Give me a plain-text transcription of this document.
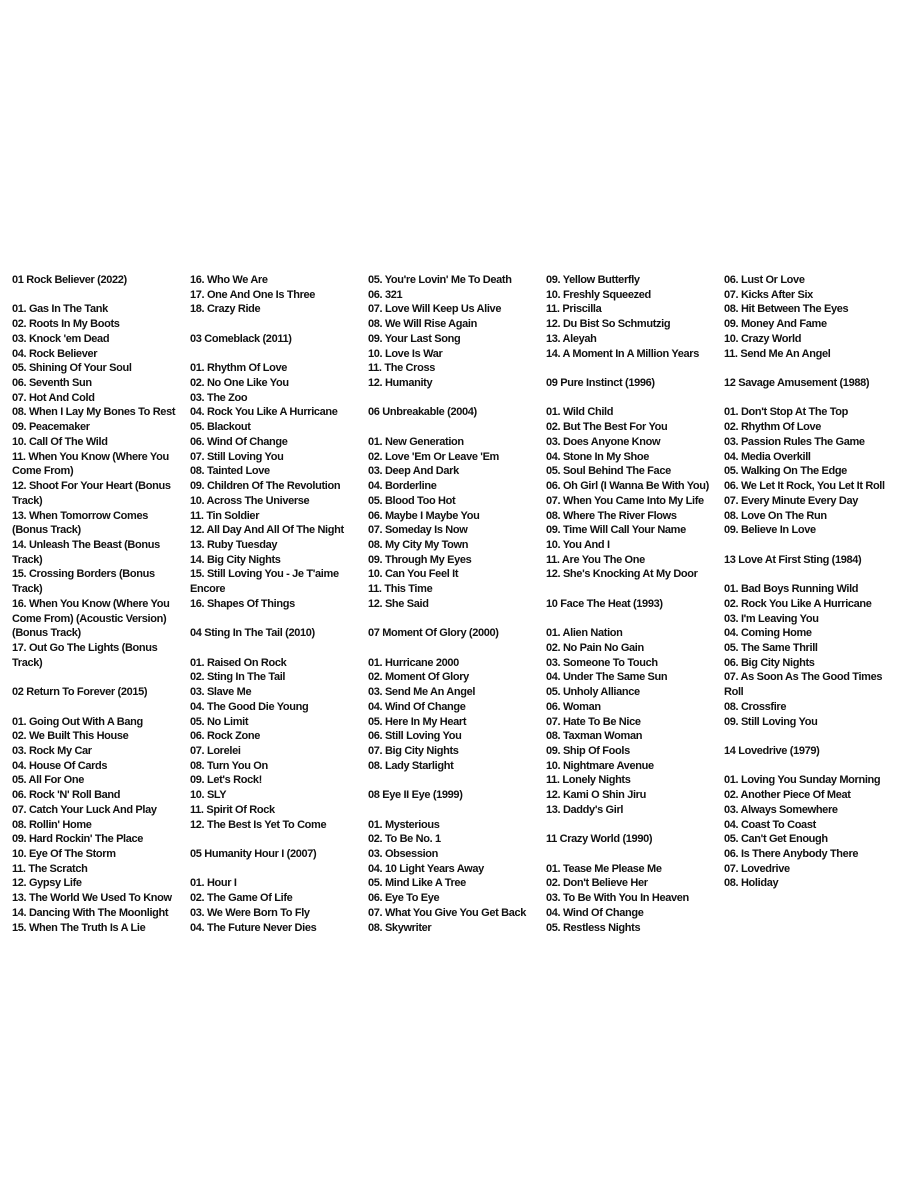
01 Rock Believer (2022)
01. Gas In The Tank
02. Roots In My Boots
03. Knock 'em Dead
04. Rock Believer
05. Shining Of Your Soul
06. Seventh Sun
07. Hot And Cold
08. When I Lay My Bones To Rest
09. Peacemaker
10. Call Of The Wild
11. When You Know (Where You
Come From)
12. Shoot For Your Heart (Bonus
Track)
13. When Tomorrow Comes
(Bonus Track)
14. Unleash The Beast (Bonus
Track)
15. Crossing Borders (Bonus
Track)
16. When You Know (Where You
Come From) (Acoustic Version)
(Bonus Track)
17. Out Go The Lights (Bonus
Track)
02 Return To Forever (2015)
01. Going Out With A Bang
02. We Built This House
03. Rock My Car
04. House Of Cards
05. All For One
06. Rock 'N' Roll Band
07. Catch Your Luck And Play
08. Rollin' Home
09. Hard Rockin' The Place
10. Eye Of The Storm
11. The Scratch
12. Gypsy Life
13. The World We Used To Know
14. Dancing With The Moonlight
15. When The Truth Is A Lie
16. Who We Are
17. One And One Is Three
18. Crazy Ride
03 Comeblack (2011)
01. Rhythm Of Love
02. No One Like You
03. The Zoo
04. Rock You Like A Hurricane
05. Blackout
06. Wind Of Change
07. Still Loving You
08. Tainted Love
09. Children Of The Revolution
10. Across The Universe
11. Tin Soldier
12. All Day And All Of The Night
13. Ruby Tuesday
14. Big City Nights
15. Still Loving You - Je T'aime
Encore
16. Shapes Of Things
04 Sting In The Tail (2010)
01. Raised On Rock
02. Sting In The Tail
03. Slave Me
04. The Good Die Young
05. No Limit
06. Rock Zone
07. Lorelei
08. Turn You On
09. Let's Rock!
10. SLY
11. Spirit Of Rock
12. The Best Is Yet To Come
05 Humanity Hour I (2007)
01. Hour I
02. The Game Of Life
03. We Were Born To Fly
04. The Future Never Dies
05. You're Lovin' Me To Death
06. 321
07. Love Will Keep Us Alive
08. We Will Rise Again
09. Your Last Song
10. Love Is War
11. The Cross
12. Humanity
06 Unbreakable (2004)
01. New Generation
02. Love 'Em Or Leave 'Em
03. Deep And Dark
04. Borderline
05. Blood Too Hot
06. Maybe I Maybe You
07. Someday Is Now
08. My City My Town
09. Through My Eyes
10. Can You Feel It
11. This Time
12. She Said
07 Moment Of Glory (2000)
01. Hurricane 2000
02. Moment Of Glory
03. Send Me An Angel
04. Wind Of Change
05. Here In My Heart
06. Still Loving You
07. Big City Nights
08. Lady Starlight
08 Eye II Eye (1999)
01. Mysterious
02. To Be No. 1
03. Obsession
04. 10 Light Years Away
05. Mind Like A Tree
06. Eye To Eye
07. What You Give You Get Back
08. Skywriter
09. Yellow Butterfly
10. Freshly Squeezed
11. Priscilla
12. Du Bist So Schmutzig
13. Aleyah
14. A Moment In A Million Years
09 Pure Instinct (1996)
01. Wild Child
02. But The Best For You
03. Does Anyone Know
04. Stone In My Shoe
05. Soul Behind The Face
06. Oh Girl (I Wanna Be With You)
07. When You Came Into My Life
08. Where The River Flows
09. Time Will Call Your Name
10. You And I
11. Are You The One
12. She's Knocking At My Door
10 Face The Heat (1993)
01. Alien Nation
02. No Pain No Gain
03. Someone To Touch
04. Under The Same Sun
05. Unholy Alliance
06. Woman
07. Hate To Be Nice
08. Taxman Woman
09. Ship Of Fools
10. Nightmare Avenue
11. Lonely Nights
12. Kami O Shin Jiru
13. Daddy's Girl
11 Crazy World (1990)
01. Tease Me Please Me
02. Don't Believe Her
03. To Be With You In Heaven
04. Wind Of Change
05. Restless Nights
06. Lust Or Love
07. Kicks After Six
08. Hit Between The Eyes
09. Money And Fame
10. Crazy World
11. Send Me An Angel
12 Savage Amusement (1988)
01. Don't Stop At The Top
02. Rhythm Of Love
03. Passion Rules The Game
04. Media Overkill
05. Walking On The Edge
06. We Let It Rock, You Let It Roll
07. Every Minute Every Day
08. Love On The Run
09. Believe In Love
13 Love At First Sting (1984)
01. Bad Boys Running Wild
02. Rock You Like A Hurricane
03. I'm Leaving You
04. Coming Home
05. The Same Thrill
06. Big City Nights
07. As Soon As The Good Times
Roll
08. Crossfire
09. Still Loving You
14 Lovedrive (1979)
01. Loving You Sunday Morning
02. Another Piece Of Meat
03. Always Somewhere
04. Coast To Coast
05. Can't Get Enough
06. Is There Anybody There
07. Lovedrive
08. Holiday
